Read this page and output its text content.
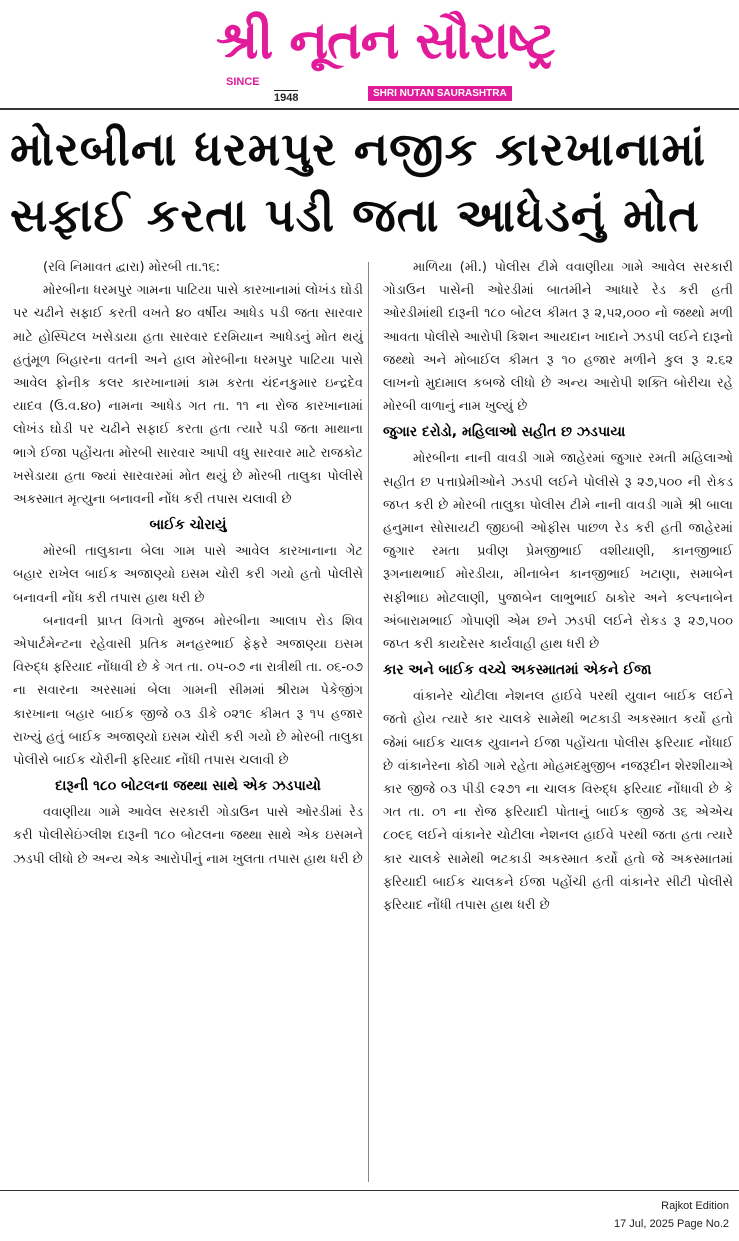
શ્રી નૂતન સૌરાષ્ટ્ર
SINCE
1948	SHRI NUTAN SAURASHTRA
મોરબીના ધરમપુર નજીક કારખાનામાં
સફાઈ કરતા પડી જતા આધેડનું મોત

(રવિ નિમાવત દ્વારા) મોરબી તા.૧૬:

મોરબીના ધરમપુર ગામના પાટિયા પાસે કારખાનામાં લોખંડ ઘોડી પર ચઢીને સફાઈ કરતી વખતે ૪૦ વર્ષીય આધેડ પડી જતા સારવાર માટે હોસ્પિટલ ખસેડાયા હતા સારવાર દરમિયાન આધેડનું મોત થયું હતુંમૂળ બિહારના વતની અને હાલ મોરબીના ધરમપુર પાટિયા પાસે આવેલ ફોનીક કલર કારખાનામાં કામ કરતા ચંદનકુમાર ઇન્દ્રદેવ યાદવ (ઉ.વ.૪૦) નામના આધેડ ગત તા. ૧૧ ના રોજ કારખાનામાં લોખંડ ઘોડી પર ચઢીને સફાઈ કરતા હતા ત્યારે પડી જતા માથાના ભાગે ઈજા પહોંચતા મોરબી સારવાર આપી વધુ સારવાર માટે રાજકોટ ખસેડાયા હતા જ્યાં સારવારમાં મોત થયું છે મોરબી તાલુકા પોલીસે અકસ્માત મૃત્યુના બનાવની નોંધ કરી તપાસ ચલાવી છે

બાઈક ચોરાયું

મોરબી તાલુકાના બેલા ગામ પાસે આવેલ કારખાનાના ગેટ બહાર રાખેલ બાઈક અજાણ્યો ઇસમ ચોરી કરી ગયો હતો પોલીસે બનાવની નોંધ કરી તપાસ હાથ ધરી છે

બનાવની પ્રાપ્ત વિગતો મુજબ મોરબીના આલાપ રોડ શિવ એપાર્ટમેન્ટના રહેવાસી પ્રતિક મનહરભાઈ ફેફરે અજાણ્યા ઇસમ વિરુદ્ધ ફરિયાદ નોંધાવી છે કે ગત તા. ૦૫-૦૭ ના રાત્રીથી તા. ૦૬-૦૭ ના સવારના અરસામાં બેલા ગામની સીમમાં શ્રીરામ પેકેજીંગ કારખાના બહાર બાઈક જીજે ૦૩ ડીકે ૦૨૧૯ કીમત રૂ ૧૫ હજાર રાખ્યું હતું બાઈક અજાણ્યો ઇસમ ચોરી કરી ગયો છે મોરબી તાલુકા પોલીસે બાઈક ચોરીની ફરિયાદ નોંધી તપાસ ચલાવી છે

દારૂની ૧૮૦ બોટલના જથ્થા સાથે એક ઝડપાયો

વવાણીયા ગામે આવેલ સરકારી ગોડાઉન પાસે ઓરડીમાં રેડ કરી પોલીસેઇંગ્લીશ દારૂની ૧૮૦ બોટલના જથ્થા સાથે એક ઇસમને ઝડપી લીધો છે અન્ય એક આરોપીનું નામ ખુલતા તપાસ હાથ ધરી છે

માળિયા (મી.) પોલીસ ટીમે વવાણીયા ગામે આવેલ સરકારી ગોડાઉન પાસેની ઓરડીમાં બાતમીને આધારે રેડ કરી હતી ઓરડીમાંથી દારૂની ૧૮૦ બોટલ કીમત રૂ ૨,૫૨,૦૦૦ નો જથ્થો મળી આવતા પોલીસે આરોપી કિશન આયદાન ખાદાને ઝડપી લઈને દારૂનો જથ્થો અને મોબાઈલ કીમત રૂ ૧૦ હજાર મળીને કુલ રૂ ૨.૬૨ લાખનો મુદામાલ કબજે લીધો છે અન્ય આરોપી શક્તિ બોરીચા રહે મોરબી વાળાનું નામ ખુલ્યું છે

જુગાર દરોડો, મહિલાઓ સહીત છ ઝડપાયા

મોરબીના નાની વાવડી ગામે જાહેરમાં જુગાર રમતી મહિલાઓ સહીત છ પત્તાપ્રેમીઓને ઝડપી લઈને પોલીસે રૂ ૨૭,૫૦૦ ની રોકડ જપ્ત કરી છે મોરબી તાલુકા પોલીસ ટીમે નાની વાવડી ગામે શ્રી બાલા હનુમાન સોસાયટી જીઇબી ઓફીસ પાછળ રેડ કરી હતી જાહેરમાં જુગાર રમતા પ્રવીણ પ્રેમજીભાઈ વશીયાણી, કાનજીભાઈ રૂગનાથભાઈ મોરડીયા, મીનાબેન કાનજીભાઈ ખટાણા, સમાબેન સફીભાઇ મોટલાણી, પુજાબેન લાભુભાઈ ઠાકોર અને કલ્પનાબેન અંબારામભાઈ ગોપાણી એમ છને ઝડપી લઈને રોકડ રૂ ૨૭,૫૦૦ જપ્ત કરી કાયદેસર કાર્યવાહી હાથ ધરી છે

કાર અને બાઈક વચ્ચે અકસ્માતમાં એકને ઈજા

વાંકાનેર ચોટીલા નેશનલ હાઈવે પરથી યુવાન બાઈક લઈને જતો હોય ત્યારે કાર ચાલકે સામેથી ભટકાડી અકસ્માત કર્યો હતો જેમાં બાઈક ચાલક યુવાનને ઈજા પહોંચતા પોલીસ ફરિયાદ નોંધાઈ છે વાંકાનેરના કોઠી ગામે રહેતા મોહમદમુજીબ નજરૂદીન શેરશીયાએ કાર જીજે ૦૩ પીડી ૯૨૭૧ ના ચાલક વિરુદ્ધ ફરિયાદ નોંધાવી છે કે ગત તા. ૦૧ ના રોજ ફરિયાદી પોતાનું બાઈક જીજે ૩૬ એએચ ૮૦૯૬ લઈને વાંકાનેર ચોટીલા નેશનલ હાઈવે પરથી જતા હતા ત્યારે કાર ચાલકે સામેથી ભટકાડી અકસ્માત કર્યો હતો જે અકસ્માતમાં ફરિયાદી બાઈક ચાલકને ઈજા પહોંચી હતી વાંકાનેર સીટી પોલીસે ફરિયાદ નોંધી તપાસ હાથ ધરી છે

Rajkot Edition
17 Jul, 2025 Page No.2
